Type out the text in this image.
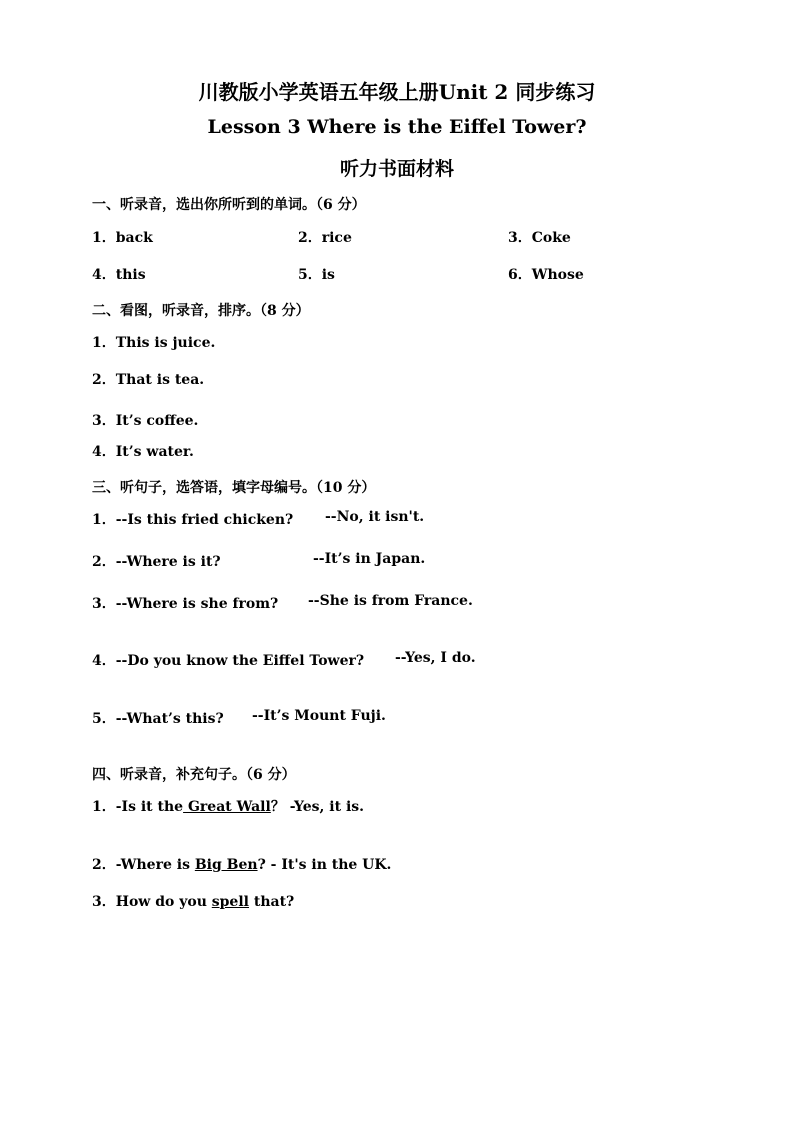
川教版小学英语五年级上册Unit 2 同步练习
Lesson 3 Where is the Eiffel Tower?
听力书面材料
一、听录音，选出你所听到的单词。（6 分）
1．back	2．rice	3．Coke
4．this	5．is	6．Whose
二、看图，听录音，排序。（8 分）
1．This is juice.
2．That is tea.
3．It’s coffee.
4．It’s water.
三、听句子，选答语，填字母编号。（10 分）
1．--Is this fried chicken? --No, it isn't.
2．--Where is it?	--It’s in Japan.
3．--Where is she from? --She is from France.
4．--Do you know the Eiffel Tower? --Yes, I do.
5．--What’s this? --It’s Mount Fuji.
四、听录音，补充句子。（6 分）
1．-Is it the Great Wall？ -Yes, it is.
2．-Where is Big Ben? - It's in the UK.
3．How do you spell that?
